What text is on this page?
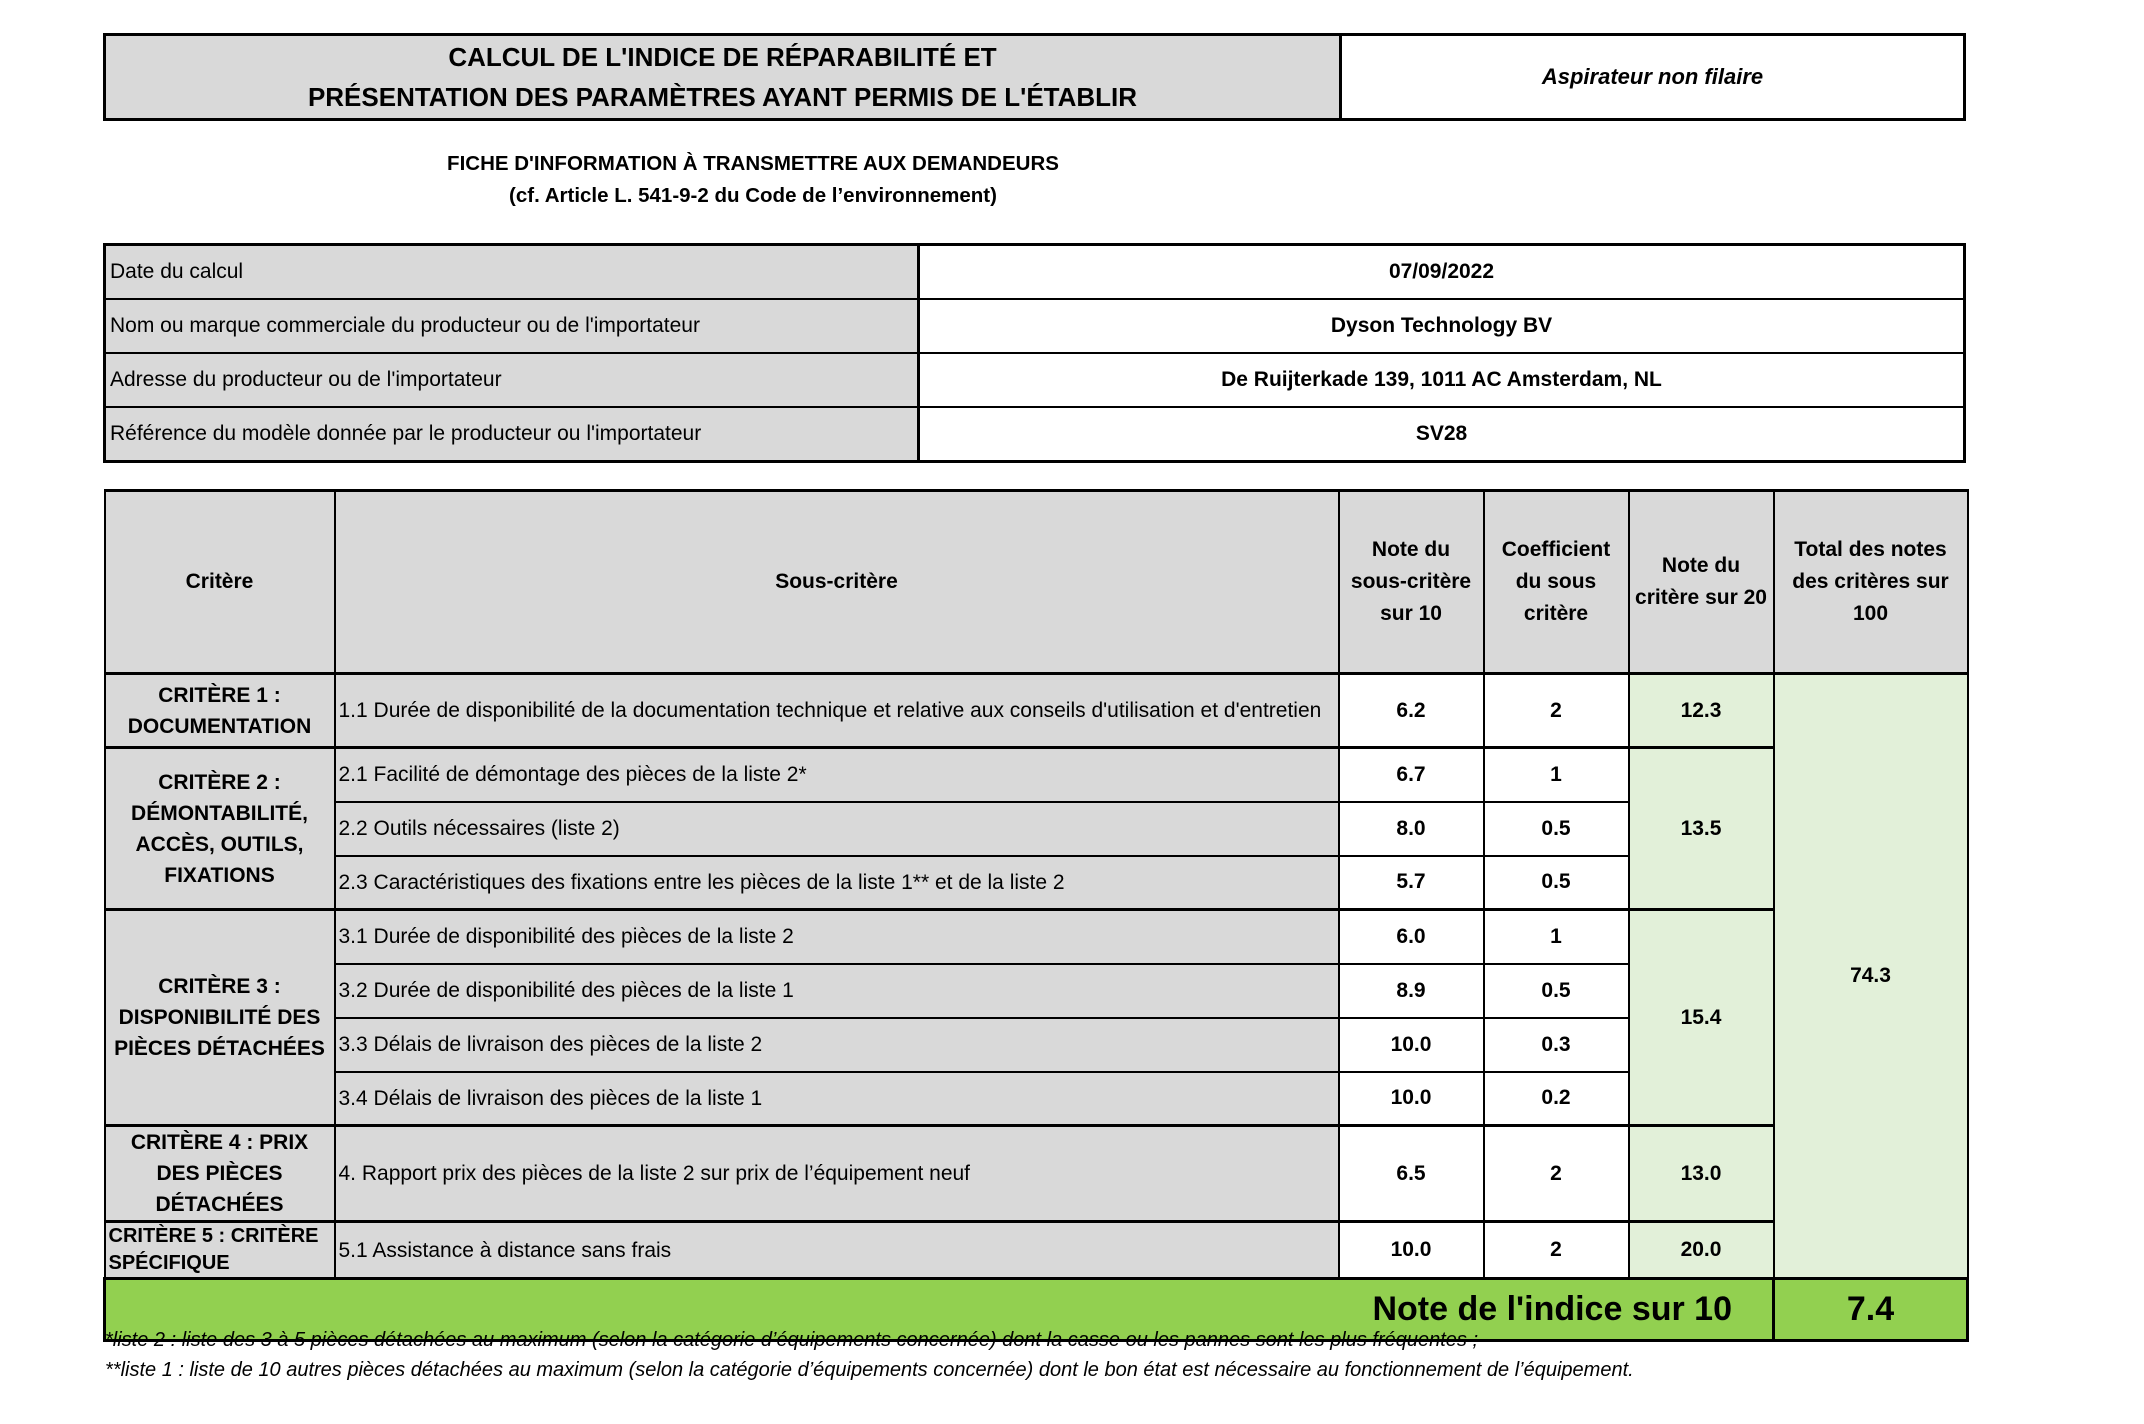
CALCUL DE L'INDICE DE RÉPARABILITÉ ET
PRÉSENTATION DES PARAMÈTRES AYANT PERMIS DE L'ÉTABLIR
Aspirateur non filaire
FICHE D'INFORMATION À TRANSMETTRE AUX DEMANDEURS
(cf. Article L. 541-9-2 du Code de l’environnement)
Date du calcul	07/09/2022
Nom ou marque commerciale du producteur ou de l'importateur	Dyson Technology BV
Adresse du producteur ou de l'importateur	De Ruijterkade 139, 1011 AC Amsterdam, NL
Référence du modèle donnée par le producteur ou l'importateur	SV28
Critère	Sous-critère	Note du sous-critère sur 10	Coefficient du sous critère	Note du critère sur 20	Total des notes des critères sur 100
CRITÈRE 1 : DOCUMENTATION	1.1 Durée de disponibilité de la documentation technique et relative aux conseils d'utilisation et d'entretien	6.2	2	12.3	74.3
CRITÈRE 2 : DÉMONTABILITÉ, ACCÈS, OUTILS, FIXATIONS	2.1 Facilité de démontage des pièces de la liste 2*	6.7	1	13.5	
	2.2 Outils nécessaires (liste 2)	8.0	0.5		
	2.3 Caractéristiques des fixations entre les pièces de la liste 1** et de la liste 2	5.7	0.5		
CRITÈRE 3 : DISPONIBILITÉ DES PIÈCES DÉTACHÉES	3.1 Durée de disponibilité des pièces de la liste 2	6.0	1	15.4	
	3.2 Durée de disponibilité des pièces de la liste 1	8.9	0.5		
	3.3 Délais de livraison des pièces de la liste 2	10.0	0.3		
	3.4 Délais de livraison des pièces de la liste 1	10.0	0.2		
CRITÈRE 4 : PRIX DES PIÈCES DÉTACHÉES	4. Rapport prix des pièces de la liste 2 sur prix de l’équipement neuf	6.5	2	13.0	
CRITÈRE 5 : CRITÈRE SPÉCIFIQUE	5.1 Assistance à distance sans frais	10.0	2	20.0	
Note de l'indice sur 10					7.4
*liste 2 : liste des 3 à 5 pièces détachées au maximum (selon la catégorie d’équipements concernée) dont la casse ou les pannes sont les plus fréquentes ;
**liste 1 : liste de 10 autres pièces détachées au maximum (selon la catégorie d’équipements concernée) dont le bon état est nécessaire au fonctionnement de l’équipement.
